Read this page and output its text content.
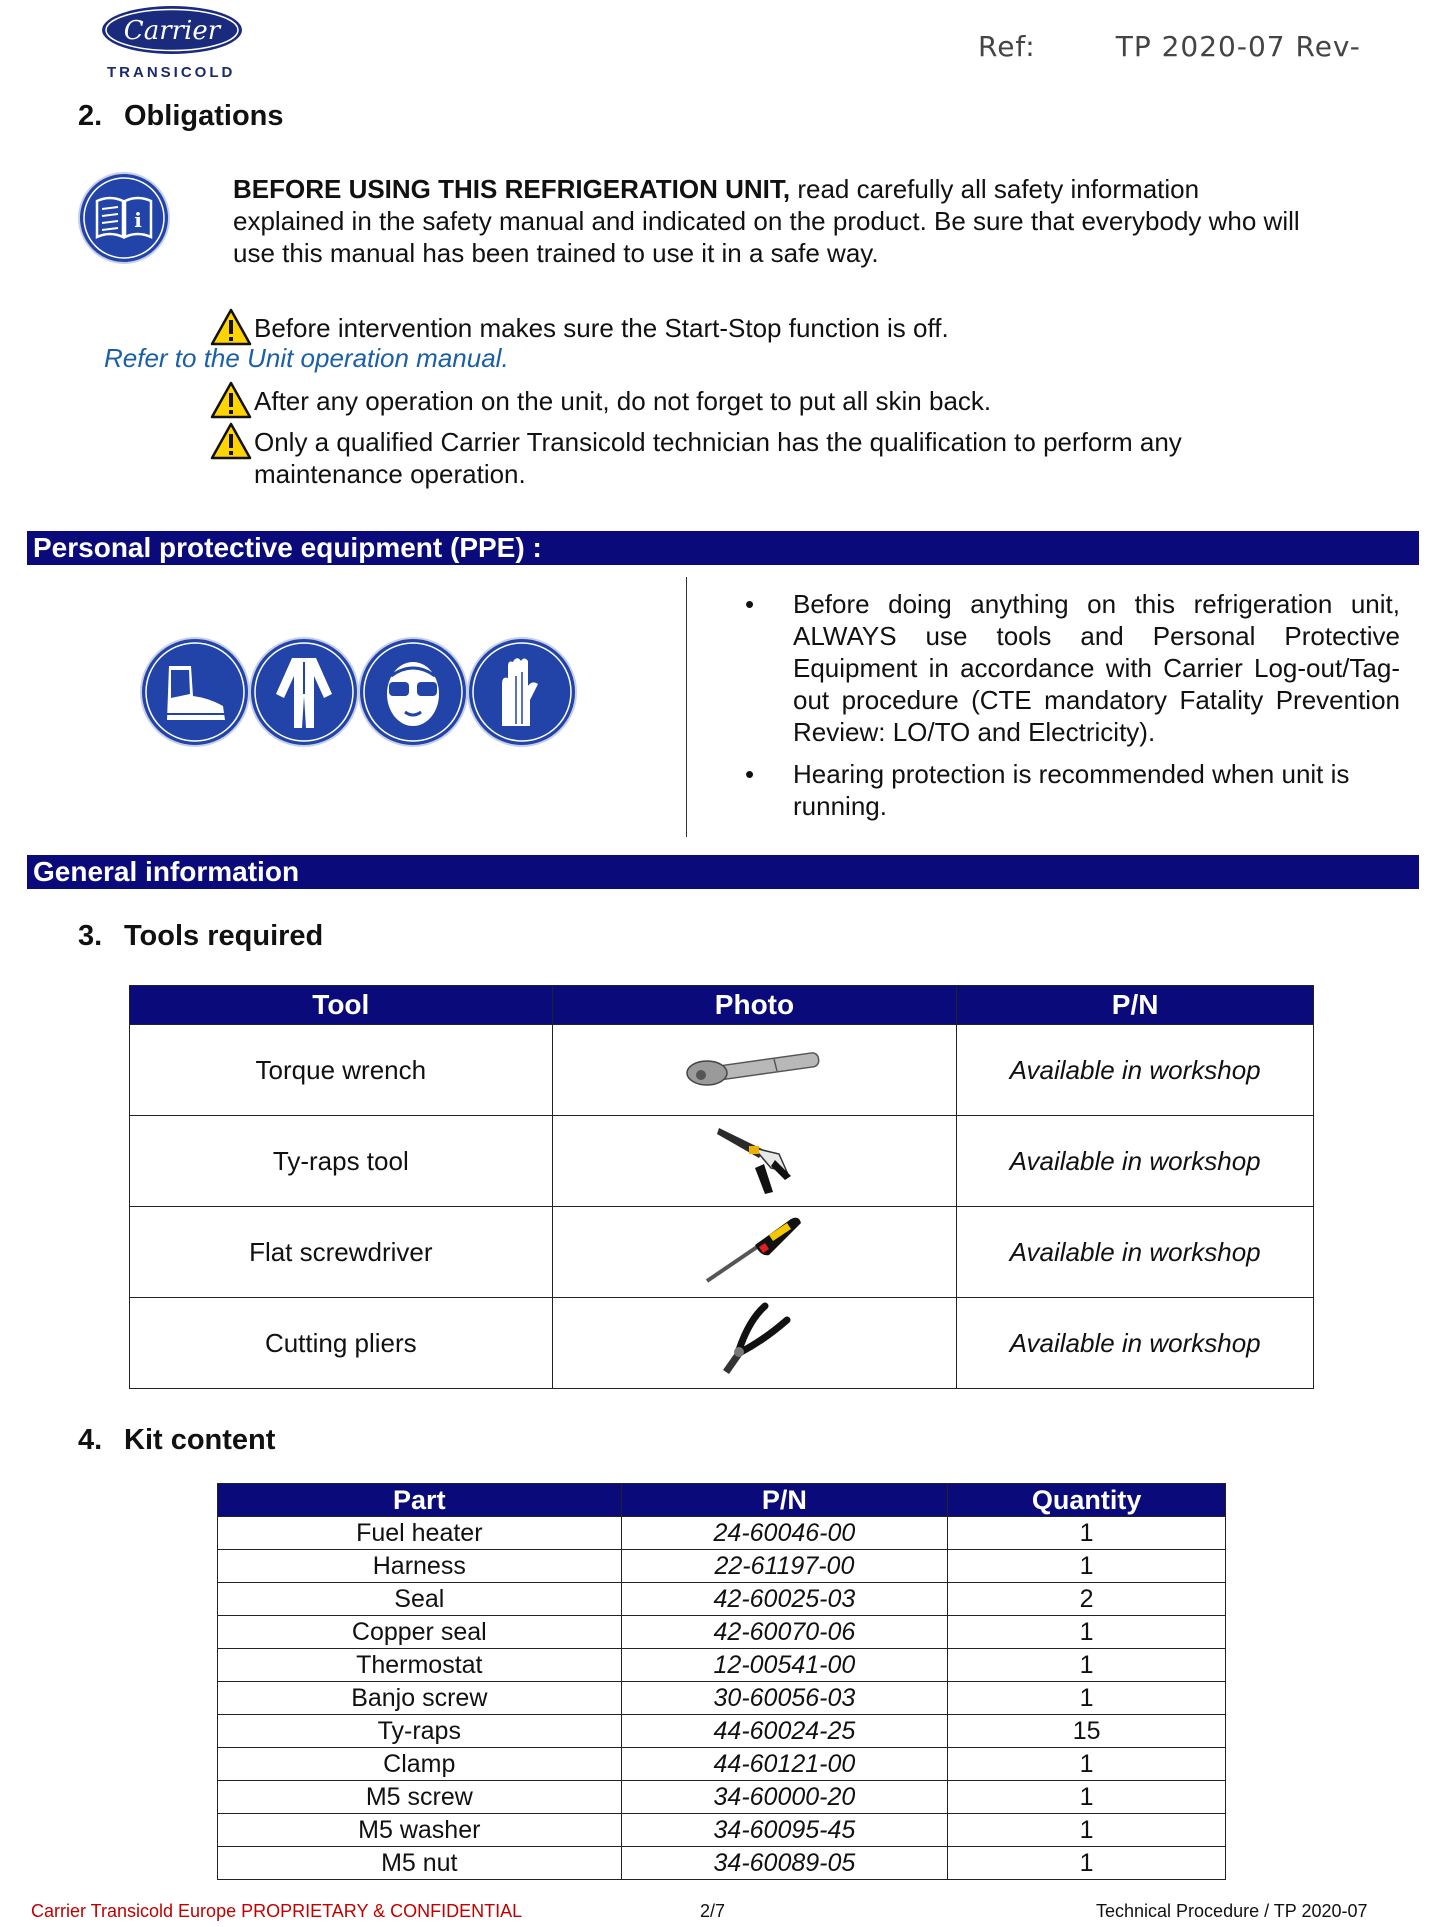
Carrier
TRANSICOLD
Ref:	TP 2020-07 Rev-
2. Obligations
i
BEFORE USING THIS REFRIGERATION UNIT, read carefully all safety information
explained in the safety manual and indicated on the product. Be sure that everybody who will
use this manual has been trained to use it in a safe way.
Before intervention makes sure the Start-Stop function is off.
Refer to the Unit operation manual.
After any operation on the unit, do not forget to put all skin back.
Only a qualified Carrier Transicold technician has the qualification to perform any
maintenance operation.
Personal protective equipment (PPE) :
• Before doing anything on this refrigeration unit, ALWAYS use tools and Personal Protective Equipment in accordance with Carrier Log-out/Tag-out procedure (CTE mandatory Fatality Prevention Review: LO/TO and Electricity).
• Hearing protection is recommended when unit is running.
General information
3. Tools required
Tool	Photo	P/N
Torque wrench		Available in workshop
Ty-raps tool		Available in workshop
Flat screwdriver		Available in workshop
Cutting pliers		Available in workshop
4. Kit content
Part	P/N	Quantity
Fuel heater	24-60046-00	1
Harness	22-61197-00	1
Seal	42-60025-03	2
Copper seal	42-60070-06	1
Thermostat	12-00541-00	1
Banjo screw	30-60056-03	1
Ty-raps	44-60024-25	15
Clamp	44-60121-00	1
M5 screw	34-60000-20	1
M5 washer	34-60095-45	1
M5 nut	34-60089-05	1
Carrier Transicold Europe PROPRIETARY & CONFIDENTIAL	2/7	Technical Procedure / TP 2020-07
